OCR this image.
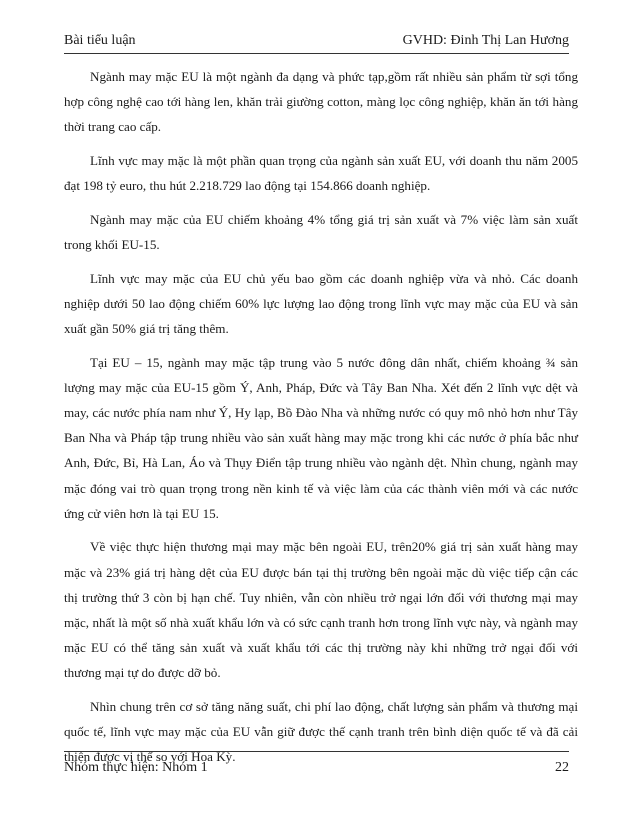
Bài tiểu luận	GVHD: Đinh Thị Lan Hương

Ngành may mặc EU là một ngành đa dạng và phức tạp,gồm rất nhiều sản phẩm từ sợi tổng hợp công nghệ cao tới hàng len, khăn trải giường cotton, màng lọc công nghiệp, khăn ăn tới hàng thời trang cao cấp.

Lĩnh vực may mặc là một phần quan trọng của ngành sản xuất EU, với doanh thu năm 2005 đạt 198 tỷ euro, thu hút 2.218.729 lao động tại 154.866 doanh nghiệp.

Ngành may mặc của EU chiếm khoảng 4% tổng giá trị sản xuất và 7% việc làm sản xuất trong khối EU-15.

Lĩnh vực may mặc của EU chủ yếu bao gồm các doanh nghiệp vừa và nhỏ. Các doanh nghiệp dưới 50 lao động chiếm 60% lực lượng lao động trong lĩnh vực may mặc của EU và sản xuất gần 50% giá trị tăng thêm.

Tại EU – 15, ngành may mặc tập trung vào 5 nước đông dân nhất, chiếm khoảng ¾ sản lượng may mặc của EU-15 gồm Ý, Anh, Pháp, Đức và Tây Ban Nha. Xét đến 2 lĩnh vực dệt và may, các nước phía nam như Ý, Hy lạp, Bồ Đào Nha và những nước có quy mô nhỏ hơn như Tây Ban Nha và Pháp tập trung nhiều vào sản xuất hàng may mặc trong khi các nước ở phía bắc như Anh, Đức, Bỉ, Hà Lan, Áo và Thụy Điển tập trung nhiều vào ngành dệt. Nhìn chung, ngành may mặc đóng vai trò quan trọng trong nền kinh tế và việc làm của các thành viên mới và các nước ứng cử viên hơn là tại EU 15.

Về việc thực hiện thương mại may mặc bên ngoài EU, trên20% giá trị sản xuất hàng may mặc và 23% giá trị hàng dệt của EU được bán tại thị trường bên ngoài mặc dù việc tiếp cận các thị trường thứ 3 còn bị hạn chế. Tuy nhiên, vẫn còn nhiều trở ngại lớn đối với thương mại may mặc, nhất là một số nhà xuất khẩu lớn và có sức cạnh tranh hơn trong lĩnh vực này, và ngành may mặc EU có thể tăng sản xuất và xuất khẩu tới các thị trường này khi những trở ngại đối với thương mại tự do được dỡ bỏ.

Nhìn chung trên cơ sở tăng năng suất, chi phí lao động, chất lượng sản phẩm và thương mại quốc tế, lĩnh vực may mặc của EU vẫn giữ được thế cạnh tranh trên bình diện quốc tế và đã cải thiện được vị thế so với Hoa Kỳ.

Nhóm thực hiện: Nhóm 1	22
